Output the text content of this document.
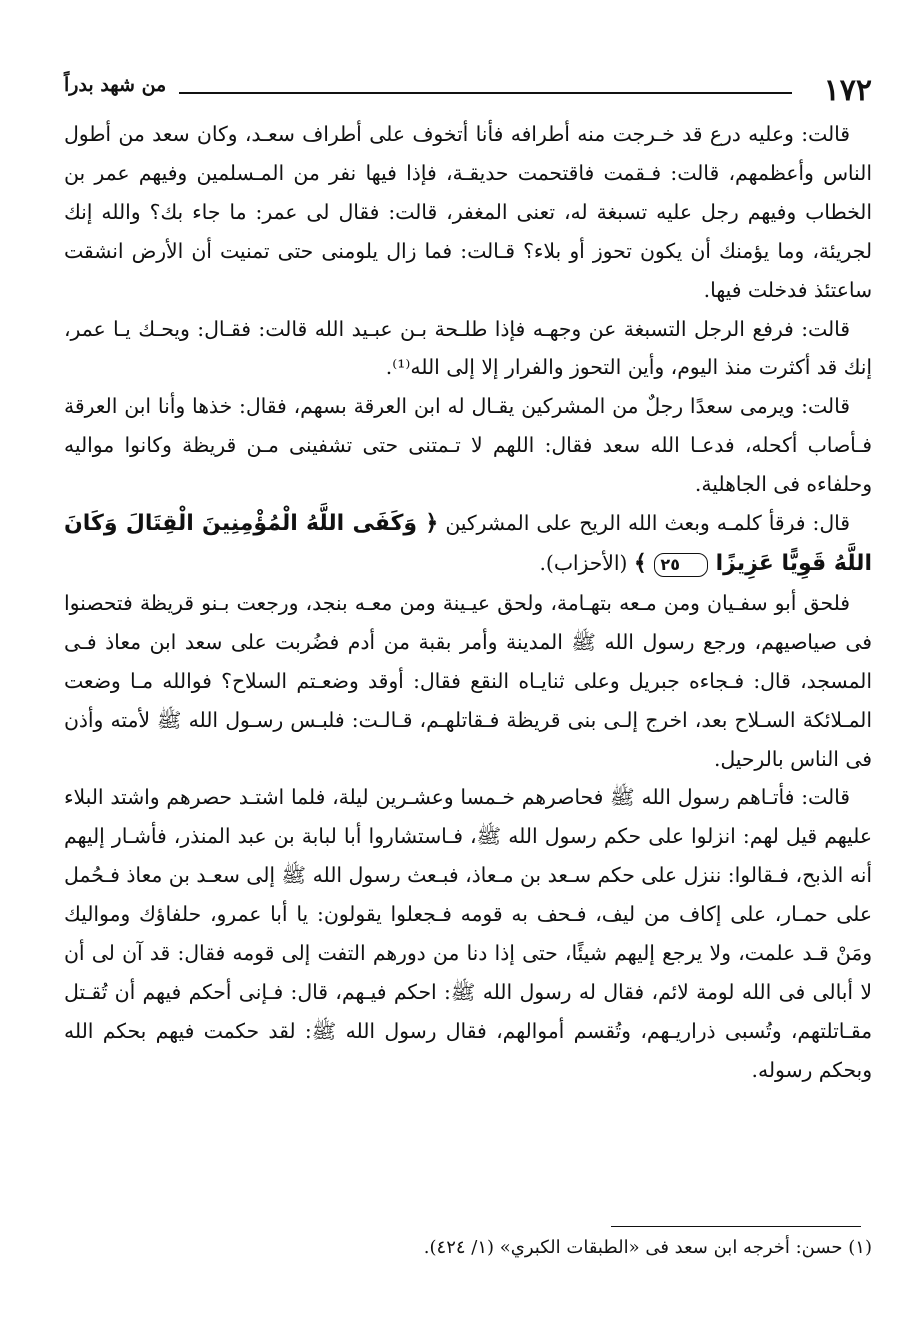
١٧٢
من شهد بدراً

قالت: وعليه درع قد خـرجت منه أطرافه فأنا أتخوف على أطراف سعـد، وكان سعد من أطول الناس وأعظمهم، قالت: فـقمت فاقتحمت حديقـة، فإذا فيها نفر من المـسلمين وفيهم عمر بن الخطاب وفيهم رجل عليه تسبغة له، تعنى المغفر، قالت: فقال لى عمر: ما جاء بك؟ والله إنك لجريئة، وما يؤمنك أن يكون تحوز أو بلاء؟ قـالت: فما زال يلومنى حتى تمنيت أن الأرض انشقت ساعتئذ فدخلت فيها.

قالت: فرفع الرجل التسبغة عن وجهـه فإذا طلـحة بـن عبـيد الله قالت: فقـال: ويحـك يـا عمر، إنك قد أكثرت منذ اليوم، وأين التحوز والفرار إلا إلى الله⁽¹⁾.

قالت: ويرمى سعدًا رجلٌ من المشركين يقـال له ابن العرقة بسهم، فقال: خذها وأنا ابن العرقة فـأصاب أكحله، فدعـا الله سعد فقال: اللهم لا تـمتنى حتى تشفينى مـن قريظة وكانوا مواليه وحلفاءه فى الجاهلية.

قال: فرقأ كلمـه وبعث الله الريح على المشركين ﴿ وَكَفَى اللَّهُ الْمُؤْمِنِينَ الْقِتَالَ وَكَانَ اللَّهُ قَوِيًّا عَزِيزًا ٢٥ ﴾ (الأحزاب).

فلحق أبو سفـيان ومن مـعه بتهـامة، ولحق عيـينة ومن معـه بنجد، ورجعت بـنو قريظة فتحصنوا فى صياصيهم، ورجع رسول الله ﷺ المدينة وأمر بقبة من أدم فضُربت على سعد ابن معاذ فـى المسجد، قال: فـجاءه جبريل وعلى ثنايـاه النقع فقال: أوقد وضعـتم السلاح؟ فوالله مـا وضعت المـلائكة السـلاح بعد، اخرج إلـى بنى قريظة فـقاتلهـم، قـالـت: فلبـس رسـول الله ﷺ لأمته وأذن فى الناس بالرحيل.

قالت: فأتـاهم رسول الله ﷺ فحاصرهم خـمسا وعشـرين ليلة، فلما اشتـد حصرهم واشتد البلاء عليهم قيل لهم: انزلوا على حكم رسول الله ﷺ، فـاستشاروا أبا لبابة بن عبد المنذر، فأشـار إليهم أنه الذبح، فـقالوا: ننزل على حكم سـعد بن مـعاذ، فبـعث رسول الله ﷺ إلى سعـد بن معاذ فـحُمل على حمـار، على إكاف من ليف، فـحف به قومه فـجعلوا يقولون: يا أبا عمرو، حلفاؤك ومواليك ومَنْ قـد علمت، ولا يرجع إليهم شيئًا، حتى إذا دنا من دورهم التفت إلى قومه فقال: قد آن لى أن لا أبالى فى الله لومة لائم، فقال له رسول الله ﷺ: احكم فيـهم، قال: فـإنى أحكم فيهم أن تُقـتل مقـاتلتهم، وتُسبى ذراريـهم، وتُقسم أموالهم، فقال رسول الله ﷺ: لقد حكمت فيهم بحكم الله وبحكم رسوله.

(١) حسن: أخرجه ابن سعد فى «الطبقات الكبري» (١/ ٤٢٤).
